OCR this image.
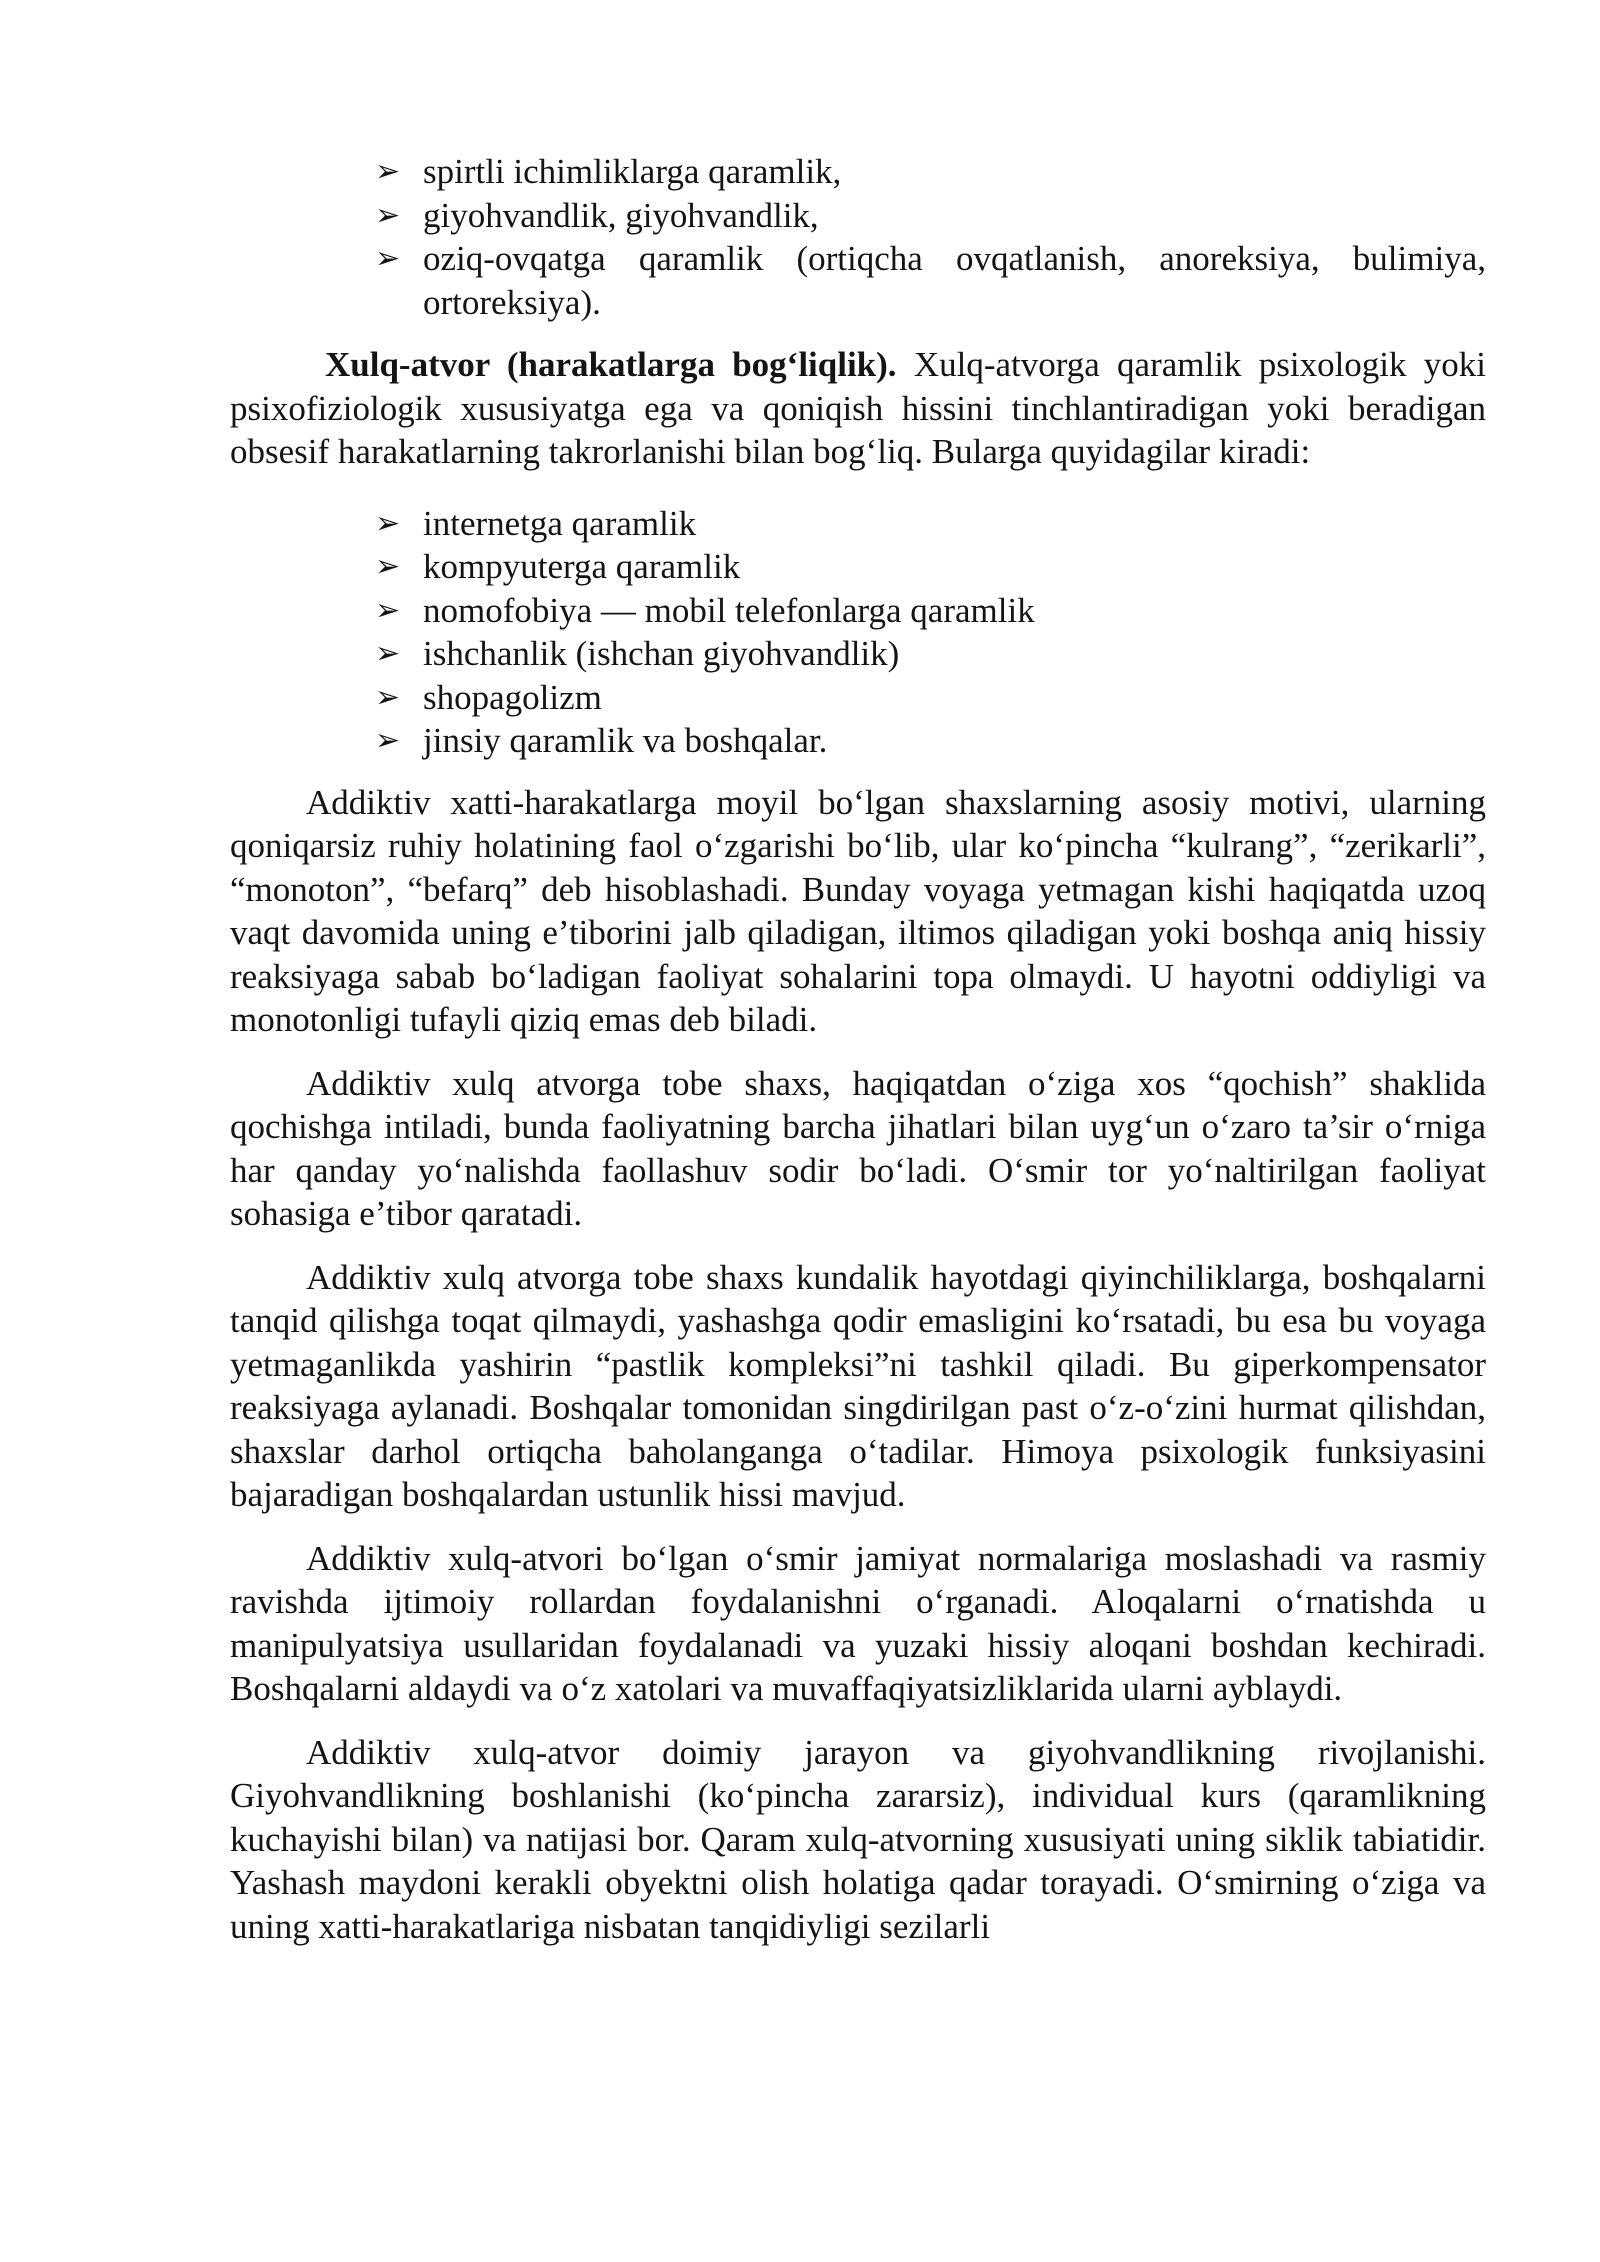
➢ spirtli ichimliklarga qaramlik,
➢ giyohvandlik, giyohvandlik,
➢ oziq-ovqatga qaramlik (ortiqcha ovqatlanish, anoreksiya, bulimiya, ortoreksiya).

Xulq-atvor (harakatlarga bog‘liqlik). Xulq-atvorga qaramlik psixologik yoki psixofiziologik xususiyatga ega va qoniqish hissini tinchlantiradigan yoki beradigan obsesif harakatlarning takrorlanishi bilan bog‘liq. Bularga quyidagilar kiradi:

➢ internetga qaramlik
➢ kompyuterga qaramlik
➢ nomofobiya — mobil telefonlarga qaramlik
➢ ishchanlik (ishchan giyohvandlik)
➢ shopagolizm
➢ jinsiy qaramlik va boshqalar.

Addiktiv xatti-harakatlarga moyil bo‘lgan shaxslarning asosiy motivi, ularning qoniqarsiz ruhiy holatining faol o‘zgarishi bo‘lib, ular ko‘pincha “kulrang”, “zerikarli”, “monoton”, “befarq” deb hisoblashadi. Bunday voyaga yetmagan kishi haqiqatda uzoq vaqt davomida uning e’tiborini jalb qiladigan, iltimos qiladigan yoki boshqa aniq hissiy reaksiyaga sabab bo‘ladigan faoliyat sohalarini topa olmaydi. U hayotni oddiyligi va monotonligi tufayli qiziq emas deb biladi.

Addiktiv xulq atvorga tobe shaxs, haqiqatdan o‘ziga xos “qochish” shaklida qochishga intiladi, bunda faoliyatning barcha jihatlari bilan uyg‘un o‘zaro ta’sir o‘rniga har qanday yo‘nalishda faollashuv sodir bo‘ladi. O‘smir tor yo‘naltirilgan faoliyat sohasiga e’tibor qaratadi.

Addiktiv xulq atvorga tobe shaxs kundalik hayotdagi qiyinchiliklarga, boshqalarni tanqid qilishga toqat qilmaydi, yashashga qodir emasligini ko‘rsatadi, bu esa bu voyaga yetmaganlikda yashirin “pastlik kompleksi”ni tashkil qiladi. Bu giperkompensator reaksiyaga aylanadi. Boshqalar tomonidan singdirilgan past o‘z-o‘zini hurmat qilishdan, shaxslar darhol ortiqcha baholanganga o‘tadilar. Himoya psixologik funksiyasini bajaradigan boshqalardan ustunlik hissi mavjud.

Addiktiv xulq-atvori bo‘lgan o‘smir jamiyat normalariga moslashadi va rasmiy ravishda ijtimoiy rollardan foydalanishni o‘rganadi. Aloqalarni o‘rnatishda u manipulyatsiya usullaridan foydalanadi va yuzaki hissiy aloqani boshdan kechiradi. Boshqalarni aldaydi va o‘z xatolari va muvaffaqiyatsizliklarida ularni ayblaydi.

Addiktiv xulq-atvor doimiy jarayon va giyohvandlikning rivojlanishi. Giyohvandlikning boshlanishi (ko‘pincha zararsiz), individual kurs (qaramlikning kuchayishi bilan) va natijasi bor. Qaram xulq-atvorning xususiyati uning siklik tabiatidir. Yashash maydoni kerakli obyektni olish holatiga qadar torayadi. O‘smirning o‘ziga va uning xatti-harakatlariga nisbatan tanqidiyligi sezilarli
